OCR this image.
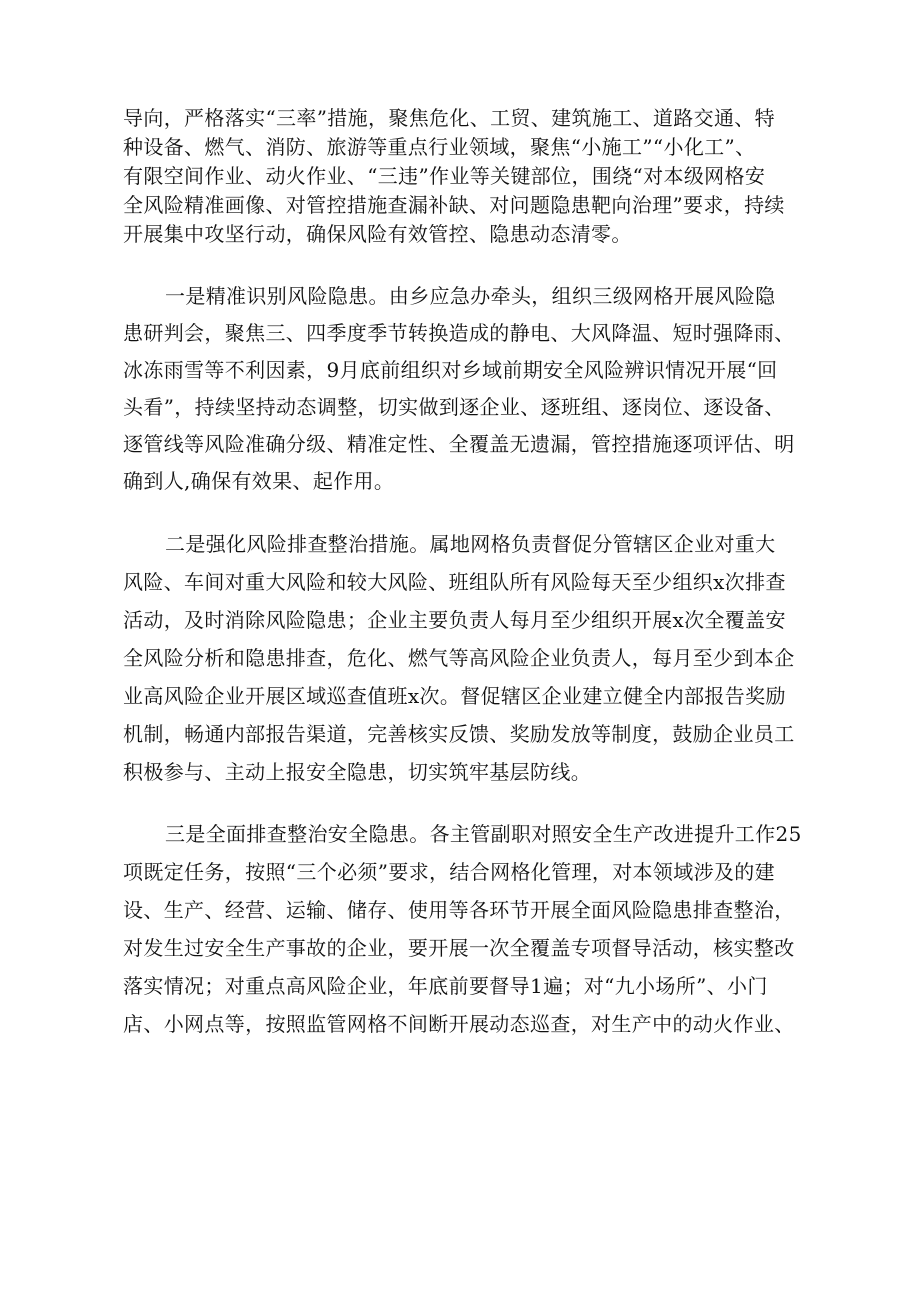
导向，严格落实“三率”措施，聚焦危化、工贸、建筑施工、道路交通、特
种设备、燃气、消防、旅游等重点行业领域，聚焦“小施工”“小化工”、
有限空间作业、动火作业、“三违”作业等关键部位，围绕“对本级网格安
全风险精准画像、对管控措施查漏补缺、对问题隐患靶向治理”要求，持续
开展集中攻坚行动，确保风险有效管控、隐患动态清零。
一是精准识别风险隐患。由乡应急办牵头，组织三级网格开展风险隐
患研判会，聚焦三、四季度季节转换造成的静电、大风降温、短时强降雨、
冰冻雨雪等不利因素，9月底前组织对乡域前期安全风险辨识情况开展“回
头看”，持续坚持动态调整，切实做到逐企业、逐班组、逐岗位、逐设备、
逐管线等风险准确分级、精准定性、全覆盖无遗漏，管控措施逐项评估、明
确到人,确保有效果、起作用。
二是强化风险排查整治措施。属地网格负责督促分管辖区企业对重大
风险、车间对重大风险和较大风险、班组队所有风险每天至少组织x次排查
活动，及时消除风险隐患；企业主要负责人每月至少组织开展x次全覆盖安
全风险分析和隐患排查，危化、燃气等高风险企业负责人，每月至少到本企
业高风险企业开展区域巡查值班x次。督促辖区企业建立健全内部报告奖励
机制，畅通内部报告渠道，完善核实反馈、奖励发放等制度，鼓励企业员工
积极参与、主动上报安全隐患，切实筑牢基层防线。
三是全面排查整治安全隐患。各主管副职对照安全生产改进提升工作25
项既定任务，按照“三个必须”要求，结合网格化管理，对本领域涉及的建
设、生产、经营、运输、储存、使用等各环节开展全面风险隐患排查整治，
对发生过安全生产事故的企业，要开展一次全覆盖专项督导活动，核实整改
落实情况；对重点高风险企业，年底前要督导1遍；对“九小场所”、小门
店、小网点等，按照监管网格不间断开展动态巡查，对生产中的动火作业、
